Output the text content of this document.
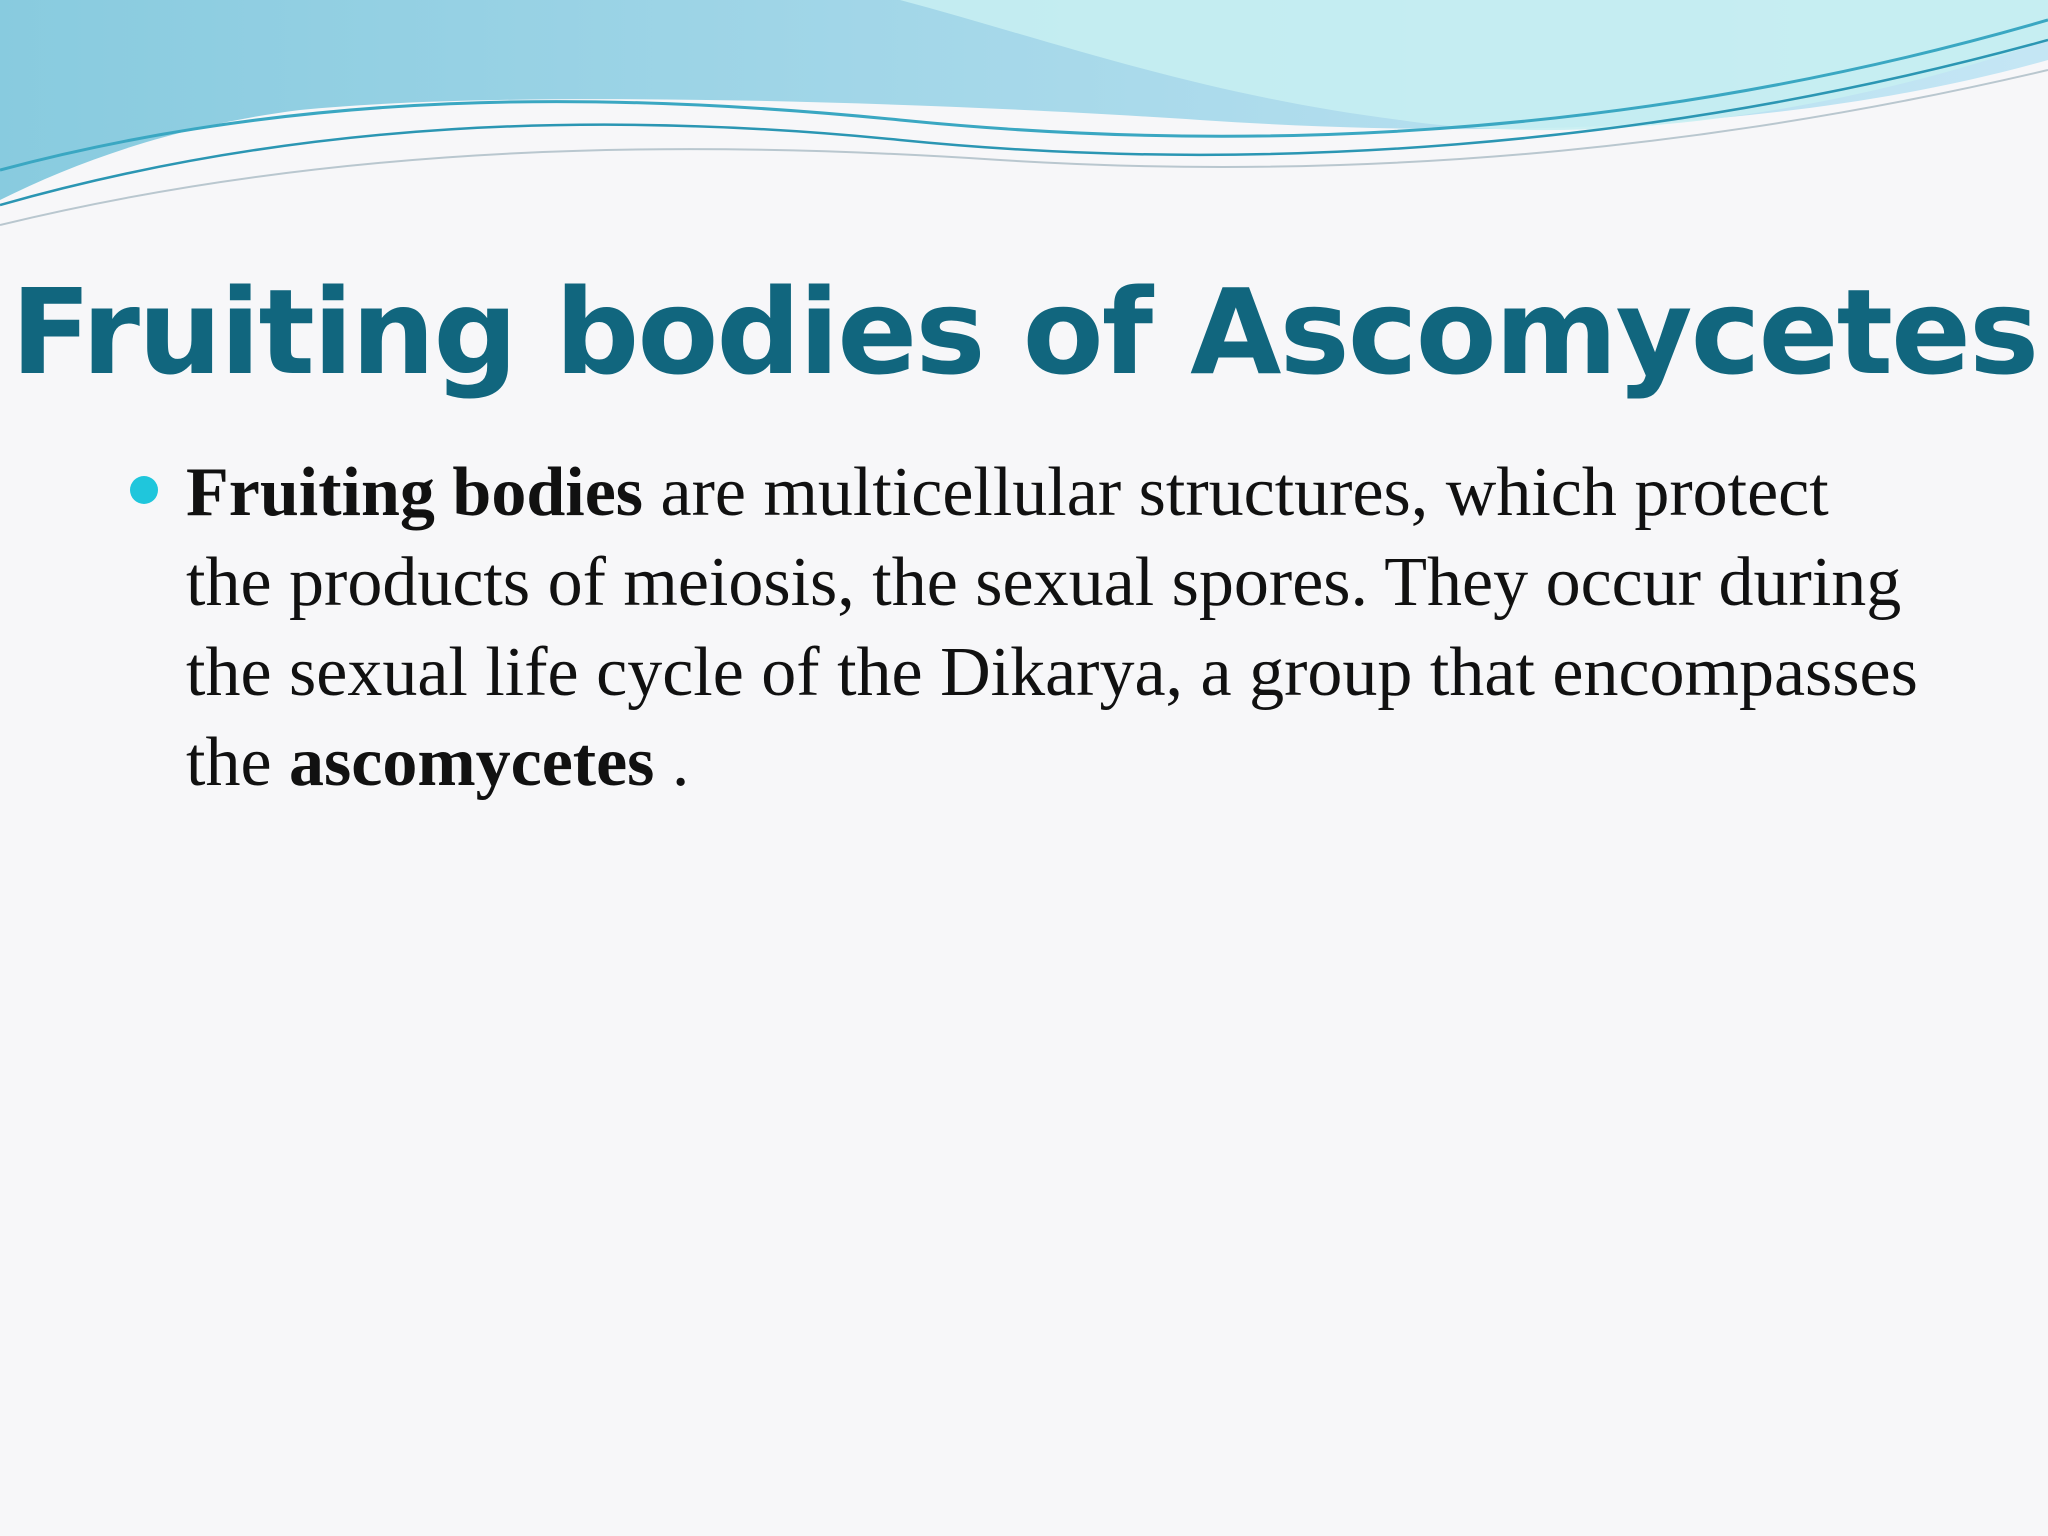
Fruiting bodies of Ascomycetes
Fruiting bodies are multicellular structures, which protect the products of meiosis, the sexual spores. They occur during the sexual life cycle of the Dikarya, a group that encompasses the ascomycetes .
